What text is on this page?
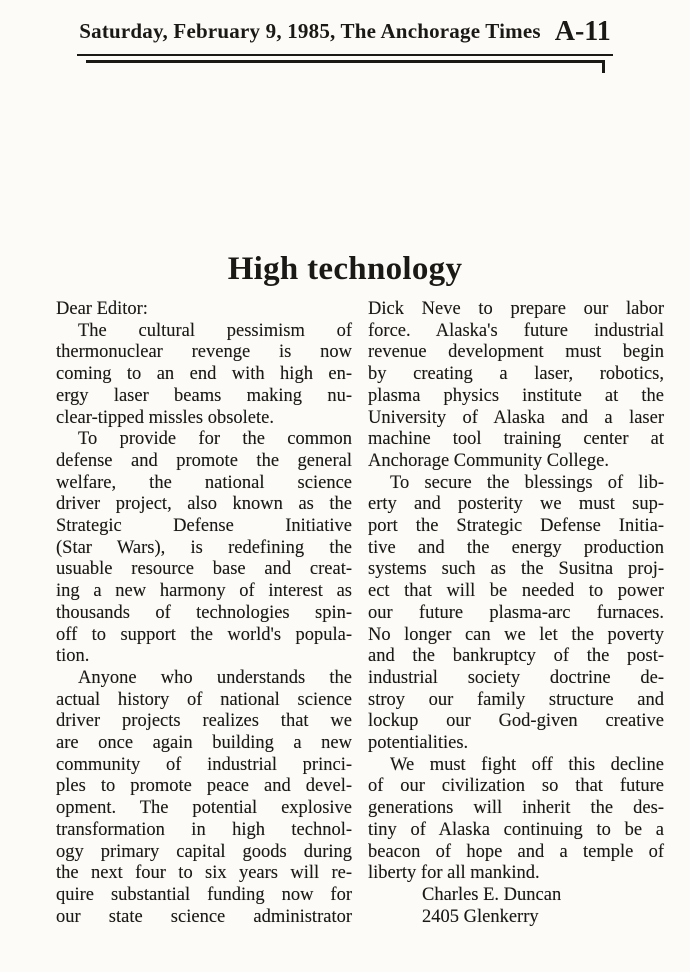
Saturday, February 9, 1985, The Anchorage Times A-11
High technology
Dear Editor:
The cultural pessimism of
thermonuclear revenge is now
coming to an end with high en-
ergy laser beams making nu-
clear-tipped missles obsolete.
To provide for the common
defense and promote the general
welfare, the national science
driver project, also known as the
Strategic Defense Initiative
(Star Wars), is redefining the
usuable resource base and creat-
ing a new harmony of interest as
thousands of technologies spin-
off to support the world's popula-
tion.
Anyone who understands the
actual history of national science
driver projects realizes that we
are once again building a new
community of industrial princi-
ples to promote peace and devel-
opment. The potential explosive
transformation in high technol-
ogy primary capital goods during
the next four to six years will re-
quire substantial funding now for
our state science administrator
Dick Neve to prepare our labor
force. Alaska's future industrial
revenue development must begin
by creating a laser, robotics,
plasma physics institute at the
University of Alaska and a laser
machine tool training center at
Anchorage Community College.
To secure the blessings of lib-
erty and posterity we must sup-
port the Strategic Defense Initia-
tive and the energy production
systems such as the Susitna proj-
ect that will be needed to power
our future plasma-arc furnaces.
No longer can we let the poverty
and the bankruptcy of the post-
industrial society doctrine de-
stroy our family structure and
lockup our God-given creative
potentialities.
We must fight off this decline
of our civilization so that future
generations will inherit the des-
tiny of Alaska continuing to be a
beacon of hope and a temple of
liberty for all mankind.
Charles E. Duncan
2405 Glenkerry
